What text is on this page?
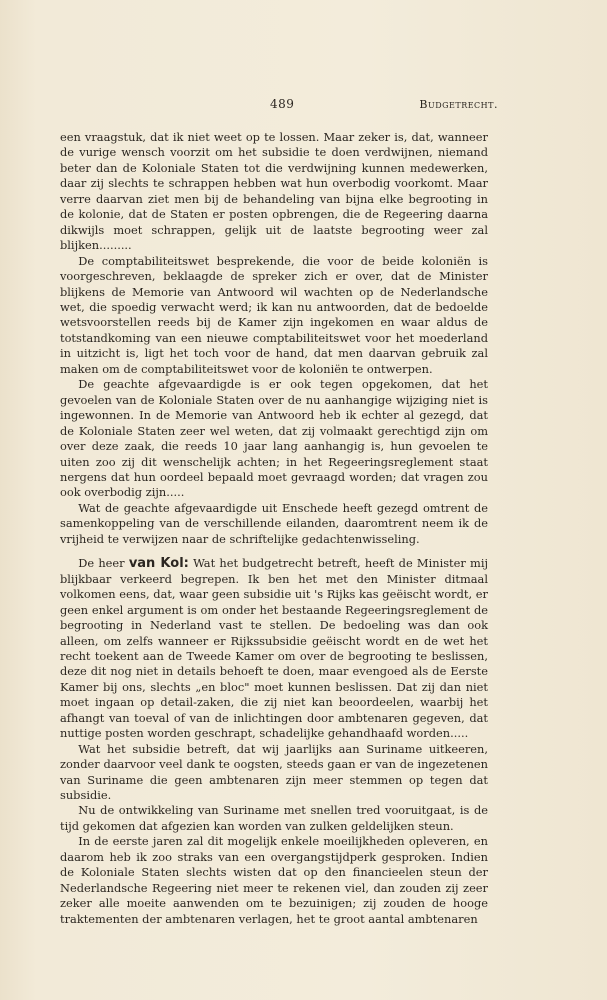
489	Budgetrecht.

een vraagstuk, dat ik niet weet op te lossen. Maar zeker is, dat, wanneer de vurige wensch voorzit om het subsidie te doen verdwijnen, niemand beter dan de Koloniale Staten tot die verdwijning kunnen medewerken, daar zij slechts te schrappen hebben wat hun overbodig voorkomt. Maar verre daarvan ziet men bij de behandeling van bijna elke begrooting in de kolonie, dat de Staten er posten opbrengen, die de Regeering daarna dikwijls moet schrappen, gelijk uit de laatste begrooting weer zal blijken.........

De comptabiliteitswet besprekende, die voor de beide koloniën is voorgeschreven, beklaagde de spreker zich er over, dat de Minister blijkens de Memorie van Antwoord wil wachten op de Nederlandsche wet, die spoedig verwacht werd; ik kan nu antwoorden, dat de bedoelde wetsvoorstellen reeds bij de Kamer zijn ingekomen en waar aldus de totstandkoming van een nieuwe comptabiliteitswet voor het moederland in uitzicht is, ligt het toch voor de hand, dat men daarvan gebruik zal maken om de comptabiliteitswet voor de koloniën te ontwerpen.

De geachte afgevaardigde is er ook tegen opgekomen, dat het gevoelen van de Koloniale Staten over de nu aanhangige wijziging niet is ingewonnen. In de Memorie van Antwoord heb ik echter al gezegd, dat de Koloniale Staten zeer wel weten, dat zij volmaakt gerechtigd zijn om over deze zaak, die reeds 10 jaar lang aanhangig is, hun gevoelen te uiten zoo zij dit wenschelijk achten; in het Regeeringsreglement staat nergens dat hun oordeel bepaald moet gevraagd worden; dat vragen zou ook overbodig zijn.....

Wat de geachte afgevaardigde uit Enschede heeft gezegd omtrent de samenkoppeling van de verschillende eilanden, daaromtrent neem ik de vrijheid te verwijzen naar de schriftelijke gedachtenwisseling.

De heer van Kol: Wat het budgetrecht betreft, heeft de Minister mij blijkbaar verkeerd begrepen. Ik ben het met den Minister ditmaal volkomen eens, dat, waar geen subsidie uit 's Rijks kas geëischt wordt, er geen enkel argument is om onder het bestaande Regeeringsreglement de begrooting in Nederland vast te stellen. De bedoeling was dan ook alleen, om zelfs wanneer er Rijkssubsidie geëischt wordt en de wet het recht toekent aan de Tweede Kamer om over de begrooting te beslissen, deze dit nog niet in details behoeft te doen, maar evengoed als de Eerste Kamer bij ons, slechts „en bloc" moet kunnen beslissen. Dat zij dan niet moet ingaan op detail-zaken, die zij niet kan beoordeelen, waarbij het afhangt van toeval of van de inlichtingen door ambtenaren gegeven, dat nuttige posten worden geschrapt, schadelijke gehandhaafd worden.....

Wat het subsidie betreft, dat wij jaarlijks aan Suriname uitkeeren, zonder daarvoor veel dank te oogsten, steeds gaan er van de ingezetenen van Suriname die geen ambtenaren zijn meer stemmen op tegen dat subsidie.

Nu de ontwikkeling van Suriname met snellen tred vooruitgaat, is de tijd gekomen dat afgezien kan worden van zulken geldelijken steun.

In de eerste jaren zal dit mogelijk enkele moeilijkheden opleveren, en daarom heb ik zoo straks van een overgangstijdperk gesproken. Indien de Koloniale Staten slechts wisten dat op den financieelen steun der Nederlandsche Regeering niet meer te rekenen viel, dan zouden zij zeer zeker alle moeite aanwenden om te bezuinigen; zij zouden de hooge traktementen der ambtenaren verlagen, het te groot aantal ambtenaren
